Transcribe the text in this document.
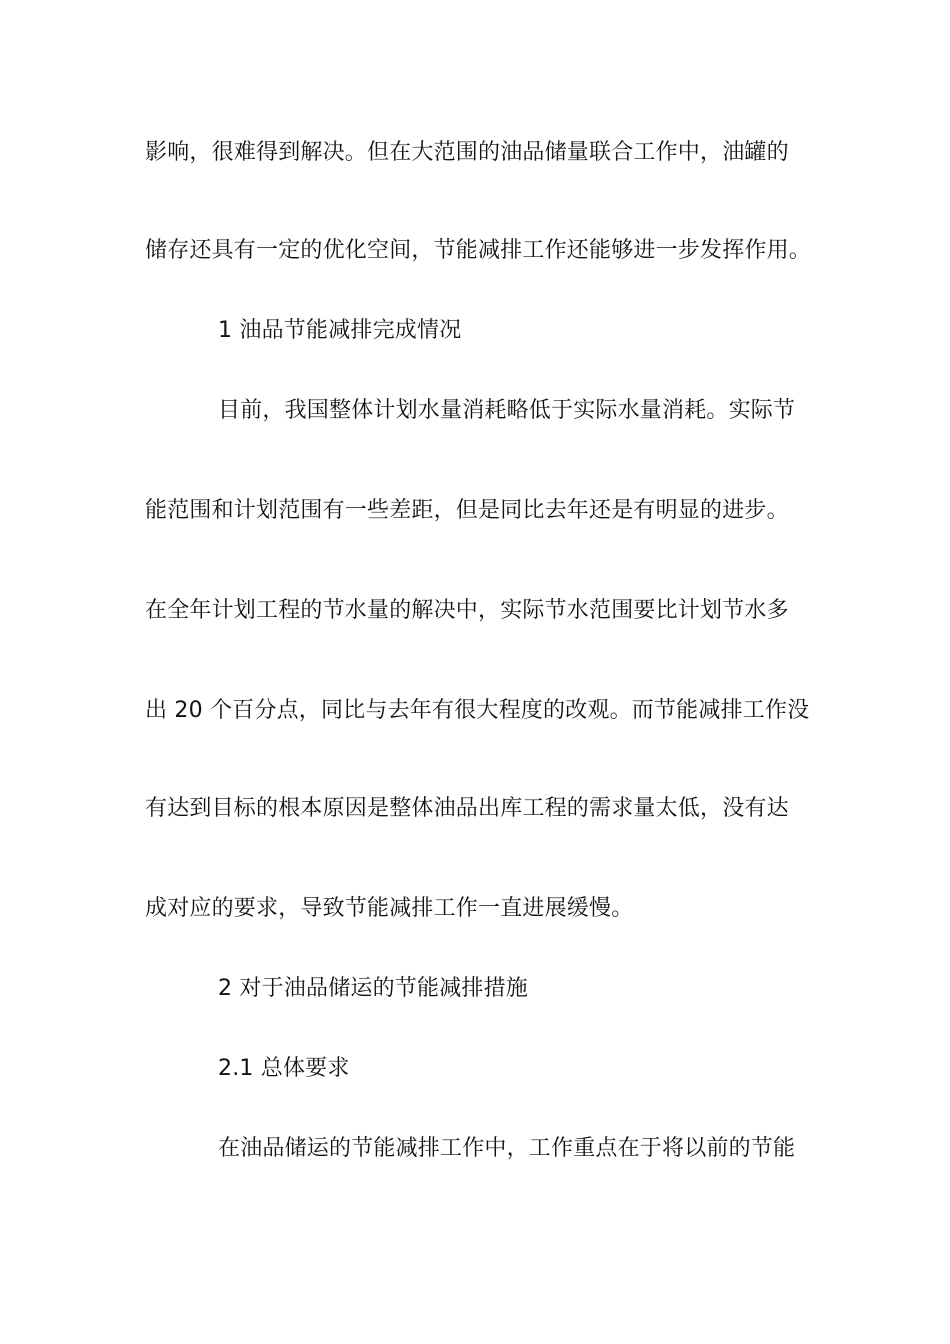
影响，很难得到解决。但在大范围的油品储量联合工作中，油罐的
储存还具有一定的优化空间，节能减排工作还能够进一步发挥作用。
1 油品节能减排完成情况
目前，我国整体计划水量消耗略低于实际水量消耗。实际节
能范围和计划范围有一些差距，但是同比去年还是有明显的进步。
在全年计划工程的节水量的解决中，实际节水范围要比计划节水多
出 20 个百分点，同比与去年有很大程度的改观。而节能减排工作没
有达到目标的根本原因是整体油品出库工程的需求量太低，没有达
成对应的要求，导致节能减排工作一直进展缓慢。
2 对于油品储运的节能减排措施
2.1 总体要求
在油品储运的节能减排工作中，工作重点在于将以前的节能
